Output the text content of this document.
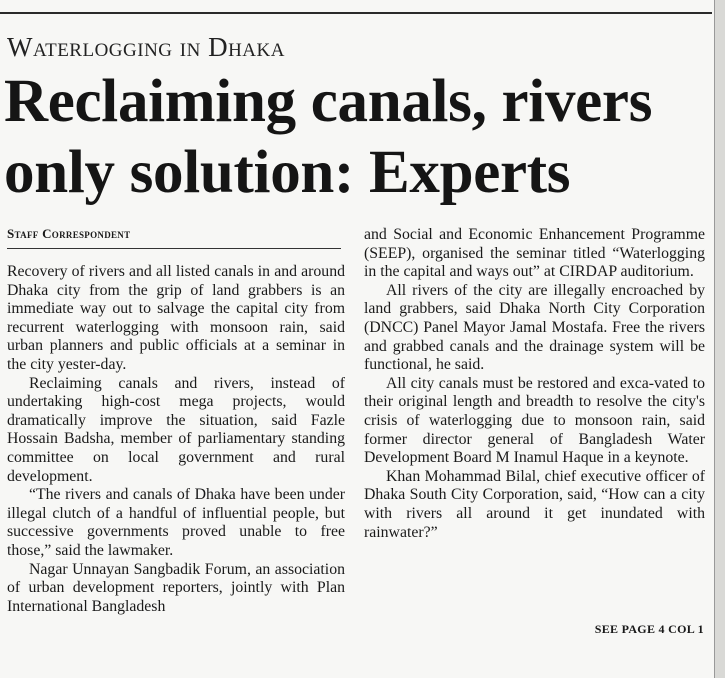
Waterlogging in Dhaka
Reclaiming canals, rivers only solution: Experts
Staff Correspondent

Recovery of rivers and all listed canals in and around Dhaka city from the grip of land grabbers is an immediate way out to salvage the capital city from recurrent waterlogging with monsoon rain, said urban planners and public officials at a seminar in the city yester-day.

Reclaiming canals and rivers, instead of undertaking high-cost mega projects, would dramatically improve the situation, said Fazle Hossain Badsha, member of parliamentary standing committee on local government and rural development.

“The rivers and canals of Dhaka have been under illegal clutch of a handful of influential people, but successive governments proved unable to free those,” said the lawmaker.

Nagar Unnayan Sangbadik Forum, an association of urban development reporters, jointly with Plan International Bangladesh

and Social and Economic Enhancement Programme (SEEP), organised the seminar titled “Waterlogging in the capital and ways out” at CIRDAP auditorium.

All rivers of the city are illegally encroached by land grabbers, said Dhaka North City Corporation (DNCC) Panel Mayor Jamal Mostafa. Free the rivers and grabbed canals and the drainage system will be functional, he said.

All city canals must be restored and exca-vated to their original length and breadth to resolve the city's crisis of waterlogging due to monsoon rain, said former director general of Bangladesh Water Development Board M Inamul Haque in a keynote.

Khan Mohammad Bilal, chief executive officer of Dhaka South City Corporation, said, “How can a city with rivers all around it get inundated with rainwater?”

SEE PAGE 4 COL 1
